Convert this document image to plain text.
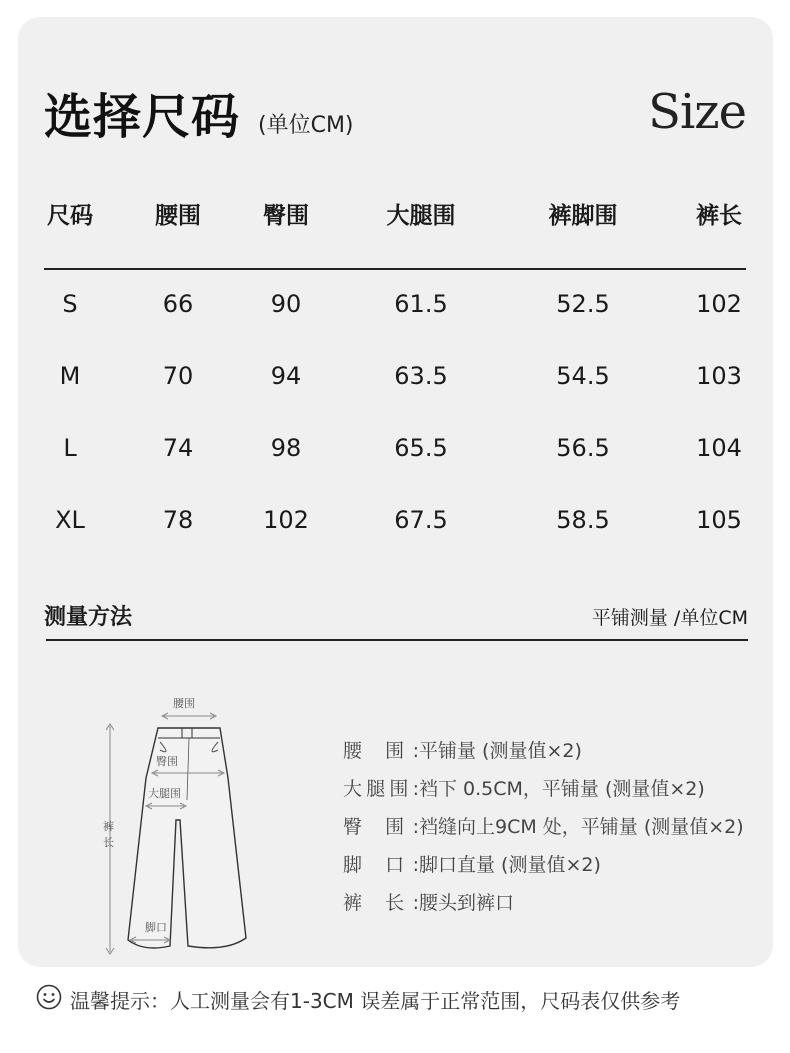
选择尺码 (单位CM)	Size
尺码	腰围	臀围	大腿围	裤脚围	裤长
S	66	90	61.5	52.5	102
M	70	94	63.5	54.5	103
L	74	98	65.5	56.5	104
XL	78	102	67.5	58.5	105
测量方法	平铺测量 /单位CM
裤
长
腰围
臀围
大腿围
脚口
腰 围:平铺量 (测量值×2)
大腿围:裆下 0.5CM，平铺量 (测量值×2)
臀 围:裆缝向上9CM 处，平铺量 (测量值×2)
脚 口:脚口直量 (测量值×2)
裤 长:腰头到裤口
温馨提示：人工测量会有1-3CM 误差属于正常范围，尺码表仅供参考
